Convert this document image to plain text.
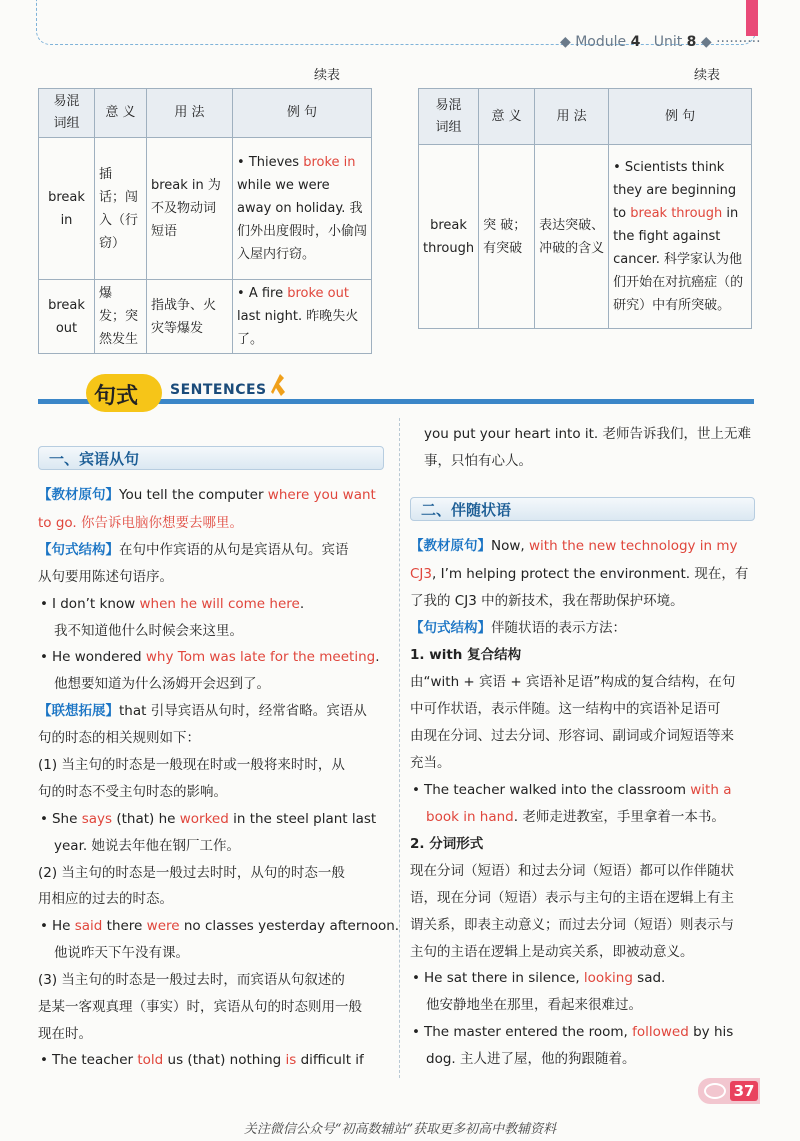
◆ Module 4 Unit 8 ◆ ··········
续表
易混
词组	意 义	用 法	例 句
break in	插 话；闯 入（行窃）	break in 为不及物动词短语	• Thieves broke in while we were away on holiday. 我们外出度假时，小偷闯入屋内行窃。
break out	爆 发；突 然发生	指战争、火灾等爆发	• A fire broke out last night. 昨晚失火了。
续表
易混
词组	意 义	用 法	例 句
break through	突 破；有突破	表达突破、冲破的含义	• Scientists think they are beginning to break through in the fight against cancer. 科学家认为他们开始在对抗癌症（的研究）中有所突破。
句式 SENTENCES
一、宾语从句
【教材原句】You tell the computer where you want
to go. 你告诉电脑你想要去哪里。
【句式结构】在句中作宾语的从句是宾语从句。宾语
从句要用陈述句语序。
• I don’t know when he will come here.
我不知道他什么时候会来这里。
• He wondered why Tom was late for the meeting.
他想要知道为什么汤姆开会迟到了。
【联想拓展】that 引导宾语从句时，经常省略。宾语从
句的时态的相关规则如下：
(1) 当主句的时态是一般现在时或一般将来时时，从
句的时态不受主句时态的影响。
• She says (that) he worked in the steel plant last
year. 她说去年他在钢厂工作。
(2) 当主句的时态是一般过去时时，从句的时态一般
用相应的过去的时态。
• He said there were no classes yesterday afternoon.
他说昨天下午没有课。
(3) 当主句的时态是一般过去时，而宾语从句叙述的
是某一客观真理（事实）时，宾语从句的时态则用一般
现在时。
• The teacher told us (that) nothing is difficult if
you put your heart into it. 老师告诉我们，世上无难
事，只怕有心人。
二、伴随状语
【教材原句】Now, with the new technology in my
CJ3, I’m helping protect the environment. 现在，有
了我的 CJ3 中的新技术，我在帮助保护环境。
【句式结构】伴随状语的表示方法：
1. with 复合结构
由“with + 宾语 + 宾语补足语”构成的复合结构，在句
中可作状语，表示伴随。这一结构中的宾语补足语可
由现在分词、过去分词、形容词、副词或介词短语等来
充当。
• The teacher walked into the classroom with a
book in hand. 老师走进教室，手里拿着一本书。
2. 分词形式
现在分词（短语）和过去分词（短语）都可以作伴随状
语，现在分词（短语）表示与主句的主语在逻辑上有主
谓关系，即表主动意义；而过去分词（短语）则表示与
主句的主语在逻辑上是动宾关系，即被动意义。
• He sat there in silence, looking sad.
他安静地坐在那里，看起来很难过。
• The master entered the room, followed by his
dog. 主人进了屋，他的狗跟随着。
37
关注微信公众号“初高数辅站”获取更多初高中教辅资料
